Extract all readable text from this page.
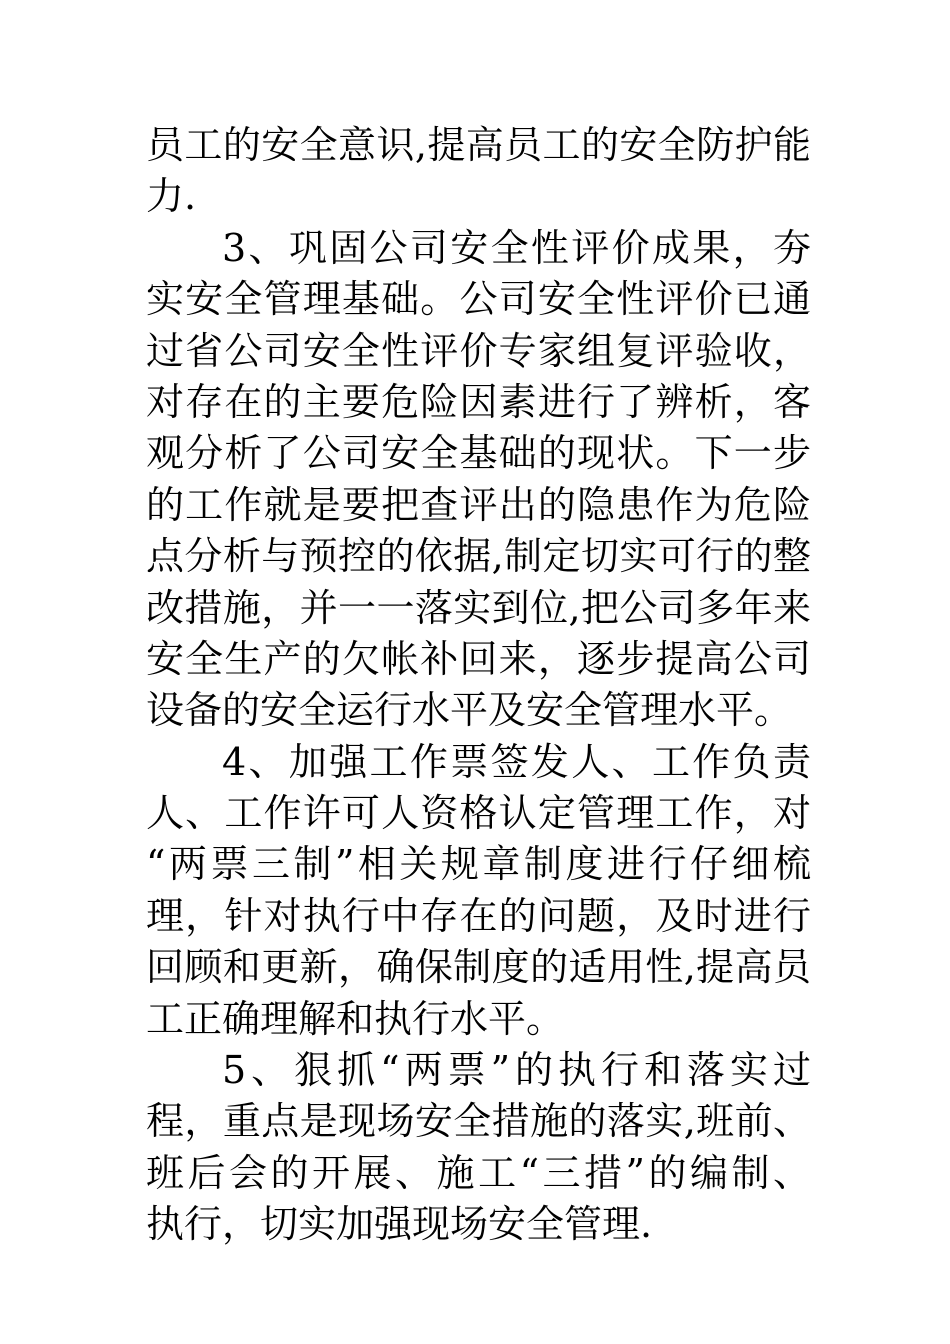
员工的安全意识,提高员工的安全防护能
力.
3、巩固公司安全性评价成果，夯
实安全管理基础。公司安全性评价已通
过省公司安全性评价专家组复评验收，
对存在的主要危险因素进行了辨析，客
观分析了公司安全基础的现状。下一步
的工作就是要把查评出的隐患作为危险
点分析与预控的依据,制定切实可行的整
改措施，并一一落实到位,把公司多年来
安全生产的欠帐补回来，逐步提高公司
设备的安全运行水平及安全管理水平。
4、加强工作票签发人、工作负责
人、工作许可人资格认定管理工作，对
“两票三制”相关规章制度进行仔细梳
理，针对执行中存在的问题，及时进行
回顾和更新，确保制度的适用性,提高员
工正确理解和执行水平。
5、狠抓“两票”的执行和落实过
程，重点是现场安全措施的落实,班前、
班后会的开展、施工“三措”的编制、
执行，切实加强现场安全管理.
